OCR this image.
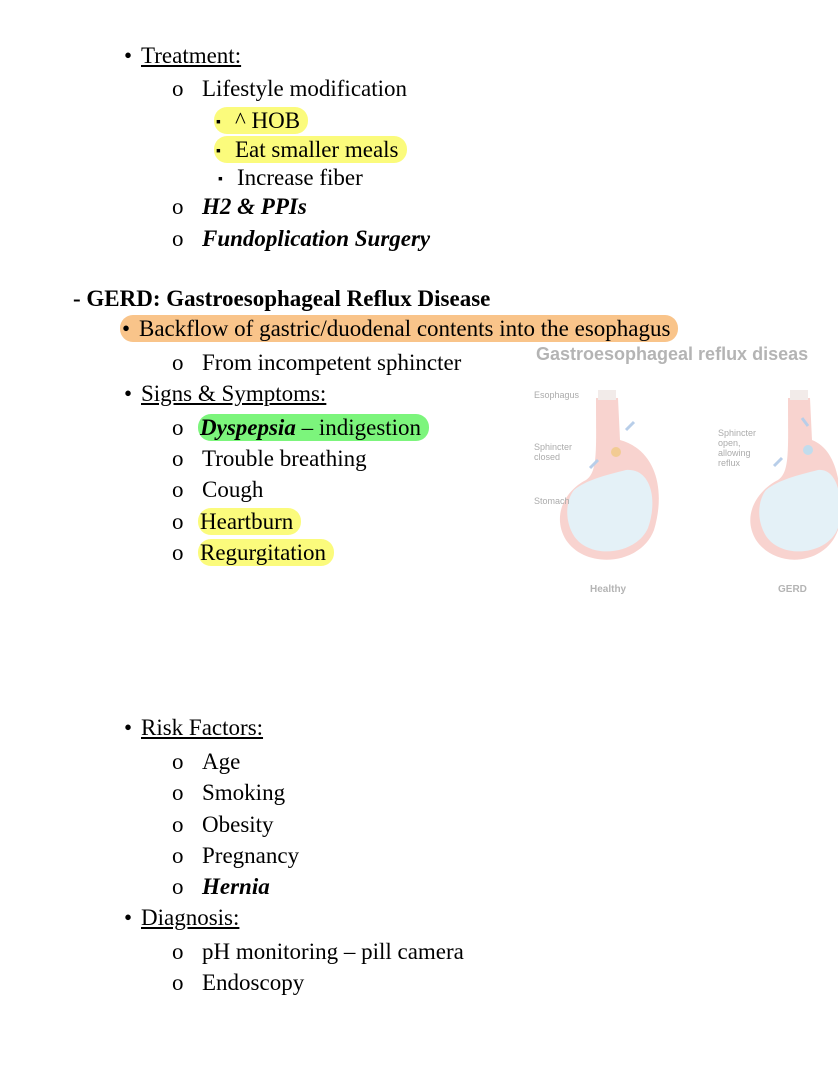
• Treatment:
o Lifestyle modification
▪ ^ HOB
▪ Eat smaller meals
▪ Increase fiber
o H2 & PPIs
o Fundoplication Surgery
- GERD: Gastroesophageal Reflux Disease
• Backflow of gastric/duodenal contents into the esophagus
o From incompetent sphincter
• Signs & Symptoms:
o Dyspepsia – indigestion
o Trouble breathing
o Cough
o Heartburn
o Regurgitation
Gastroesophageal reflux diseas
Esophagus
Sphincter
closed
Stomach
Sphincter
open,
allowing
reflux
Healthy	GERD
• Risk Factors:
o Age
o Smoking
o Obesity
o Pregnancy
o Hernia
• Diagnosis:
o pH monitoring – pill camera
o Endoscopy
